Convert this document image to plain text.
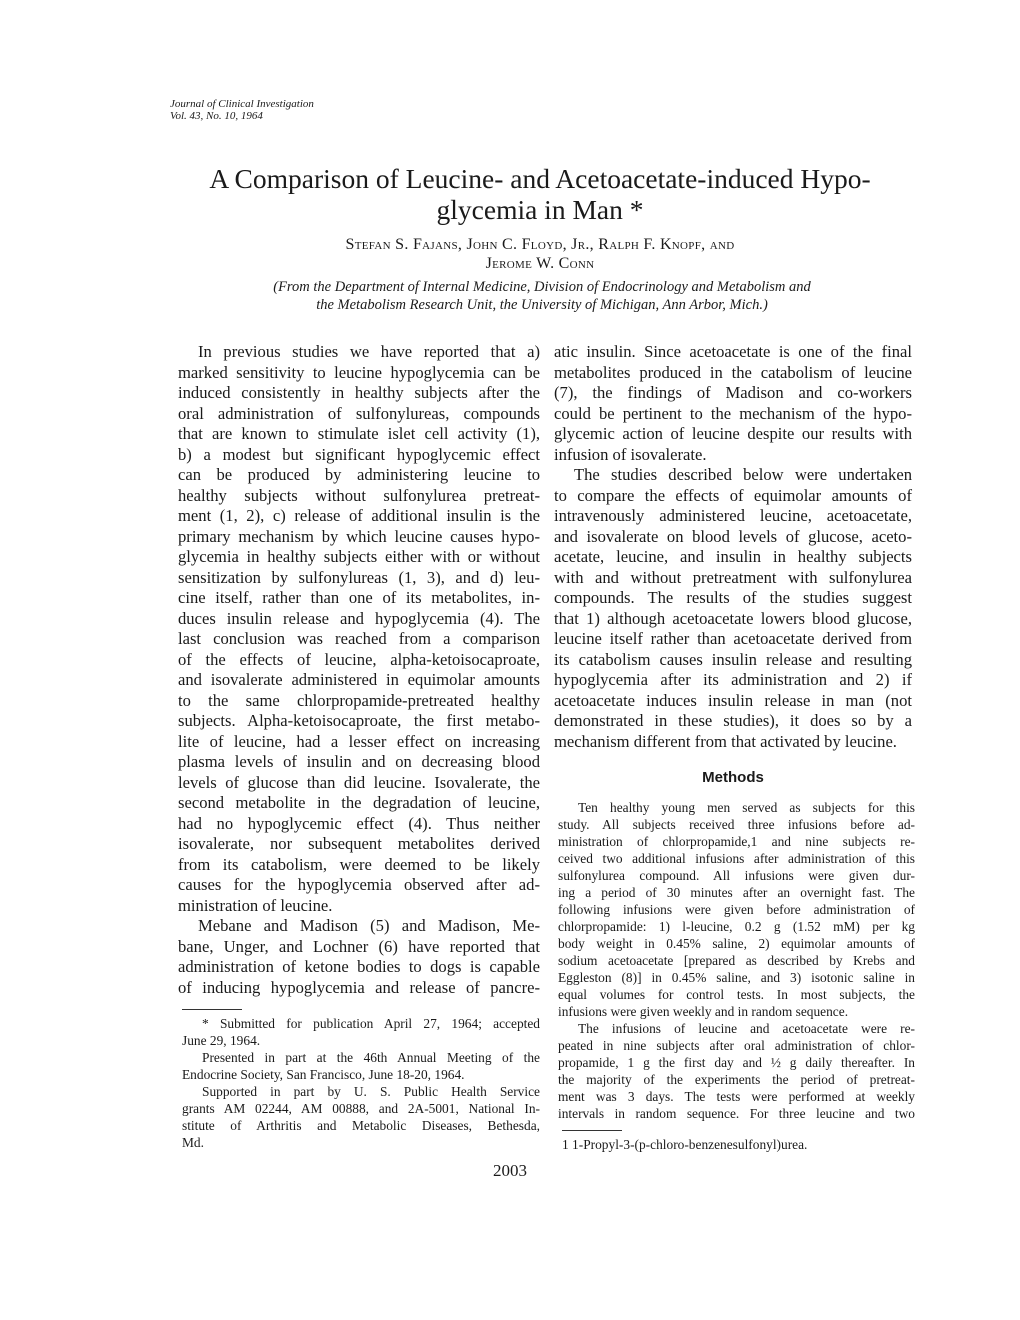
Journal of Clinical Investigation
Vol. 43, No. 10, 1964
A Comparison of Leucine- and Acetoacetate-induced Hypo-
glycemia in Man *
Stefan S. Fajans, John C. Floyd, Jr., Ralph F. Knopf, and
Jerome W. Conn
(From the Department of Internal Medicine, Division of Endocrinology and Metabolism and
the Metabolism Research Unit, the University of Michigan, Ann Arbor, Mich.)
In previous studies we have reported that a)
marked sensitivity to leucine hypoglycemia can be
induced consistently in healthy subjects after the
oral administration of sulfonylureas, compounds
that are known to stimulate islet cell activity (1),
b) a modest but significant hypoglycemic effect
can be produced by administering leucine to
healthy subjects without sulfonylurea pretreat-
ment (1, 2), c) release of additional insulin is the
primary mechanism by which leucine causes hypo-
glycemia in healthy subjects either with or without
sensitization by sulfonylureas (1, 3), and d) leu-
cine itself, rather than one of its metabolites, in-
duces insulin release and hypoglycemia (4). The
last conclusion was reached from a comparison
of the effects of leucine, alpha-ketoisocaproate,
and isovalerate administered in equimolar amounts
to the same chlorpropamide-pretreated healthy
subjects. Alpha-ketoisocaproate, the first metabo-
lite of leucine, had a lesser effect on increasing
plasma levels of insulin and on decreasing blood
levels of glucose than did leucine. Isovalerate, the
second metabolite in the degradation of leucine,
had no hypoglycemic effect (4). Thus neither
isovalerate, nor subsequent metabolites derived
from its catabolism, were deemed to be likely
causes for the hypoglycemia observed after ad-
ministration of leucine.
Mebane and Madison (5) and Madison, Me-
bane, Unger, and Lochner (6) have reported that
administration of ketone bodies to dogs is capable
of inducing hypoglycemia and release of pancre-
atic insulin. Since acetoacetate is one of the final
metabolites produced in the catabolism of leucine
(7), the findings of Madison and co-workers
could be pertinent to the mechanism of the hypo-
glycemic action of leucine despite our results with
infusion of isovalerate.
The studies described below were undertaken
to compare the effects of equimolar amounts of
intravenously administered leucine, acetoacetate,
and isovalerate on blood levels of glucose, aceto-
acetate, leucine, and insulin in healthy subjects
with and without pretreatment with sulfonylurea
compounds. The results of the studies suggest
that 1) although acetoacetate lowers blood glucose,
leucine itself rather than acetoacetate derived from
its catabolism causes insulin release and resulting
hypoglycemia after its administration and 2) if
acetoacetate induces insulin release in man (not
demonstrated in these studies), it does so by a
mechanism different from that activated by leucine.
Methods
Ten healthy young men served as subjects for this
study. All subjects received three infusions before ad-
ministration of chlorpropamide,1 and nine subjects re-
ceived two additional infusions after administration of this
sulfonylurea compound. All infusions were given dur-
ing a period of 30 minutes after an overnight fast. The
following infusions were given before administration of
chlorpropamide: 1) l-leucine, 0.2 g (1.52 mM) per kg
body weight in 0.45% saline, 2) equimolar amounts of
sodium acetoacetate [prepared as described by Krebs and
Eggleston (8)] in 0.45% saline, and 3) isotonic saline in
equal volumes for control tests. In most subjects, the
infusions were given weekly and in random sequence.
The infusions of leucine and acetoacetate were re-
peated in nine subjects after oral administration of chlor-
propamide, 1 g the first day and ½ g daily thereafter. In
the majority of the experiments the period of pretreat-
ment was 3 days. The tests were performed at weekly
intervals in random sequence. For three leucine and two
* Submitted for publication April 27, 1964; accepted
June 29, 1964.
Presented in part at the 46th Annual Meeting of the
Endocrine Society, San Francisco, June 18-20, 1964.
Supported in part by U. S. Public Health Service
grants AM 02244, AM 00888, and 2A-5001, National In-
stitute of Arthritis and Metabolic Diseases, Bethesda,
Md.	1 1-Propyl-3-(p-chloro-benzenesulfonyl)urea.
2003
